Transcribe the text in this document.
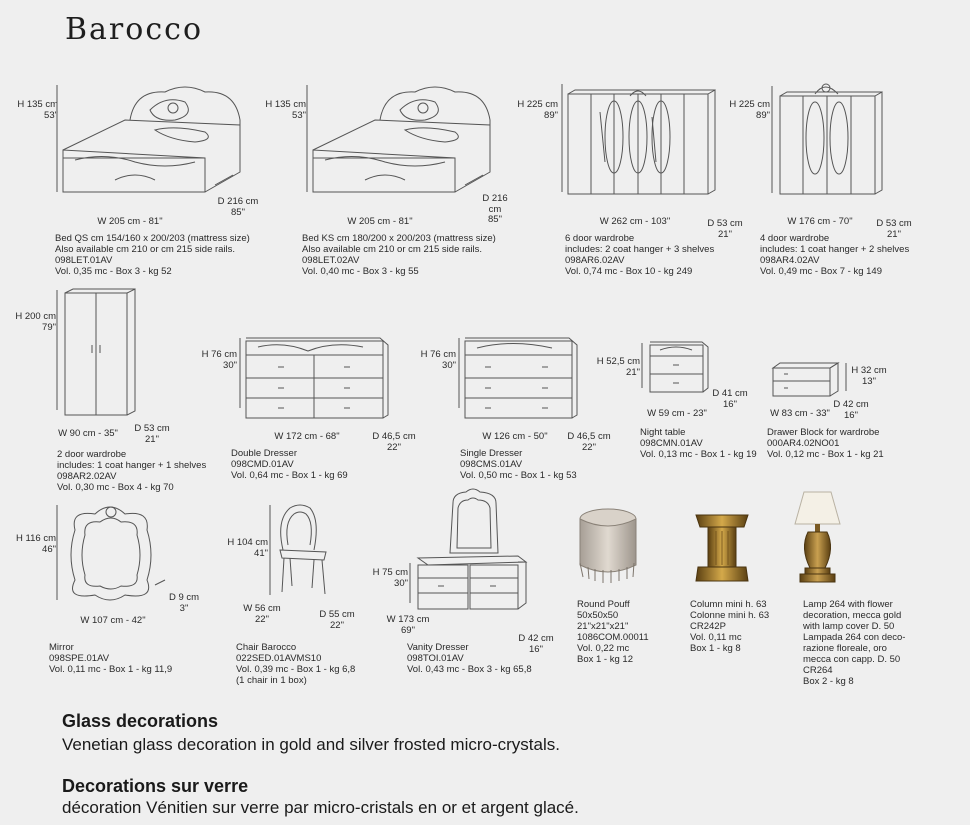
Barocco
H 135 cm
53"
W 205 cm - 81"
D 216 cm
85"
Bed QS cm 154/160 x 200/203 (mattress size)
Also available cm 210 or cm 215 side rails.
098LET.01AV
Vol. 0,35 mc - Box 3 - kg 52
H 135 cm
53"
W 205 cm - 81"
D 216
cm
85"
Bed KS cm 180/200 x 200/203 (mattress size)
Also available cm 210 or cm 215 side rails.
098LET.02AV
Vol. 0,40 mc - Box 3 - kg 55
H 225 cm
89"
W 262 cm - 103"	D 53 cm
21"
6 door wardrobe
includes: 2 coat hanger + 3 shelves
098AR6.02AV
Vol. 0,74 mc - Box 10 - kg 249
H 225 cm
89"
W 176 cm - 70"	D 53 cm
21"
4 door wardrobe
includes: 1 coat hanger + 2 shelves
098AR4.02AV
Vol. 0,49 mc - Box 7 - kg 149
H 200 cm
79"
W 90 cm - 35"	D 53 cm
21"
2 door wardrobe
includes: 1 coat hanger + 1 shelves
098AR2.02AV
Vol. 0,30 mc - Box 4 - kg 70
H 76 cm
30"
W 172 cm - 68"	D 46,5 cm
22"
Double Dresser
098CMD.01AV
Vol. 0,64 mc - Box 1 - kg 69
H 76 cm
30"
W 126 cm - 50"	D 46,5 cm
22"
Single Dresser
098CMS.01AV
Vol. 0,50 mc - Box 1 - kg 53
H 52,5 cm
21"
W 59 cm - 23"
D 41 cm
16"
Night table
098CMN.01AV
Vol. 0,13 mc - Box 1 - kg 19
H 32 cm
13"
W 83 cm - 33"
D 42 cm
16"
Drawer Block for wardrobe
000AR4.02NO01
Vol. 0,12 mc - Box 1 - kg 21
H 116 cm
46"
W 107 cm - 42"
D 9 cm
3"
Mirror
098SPE.01AV
Vol. 0,11 mc - Box 1 - kg 11,9
H 104 cm
41"
W 56 cm
22"	D 55 cm
22"
Chair Barocco
022SED.01AVMS10
Vol. 0,39 mc - Box 1 - kg 6,8
(1 chair in 1 box)
H 75 cm
30"
W 173 cm
69"
D 42 cm
16"
Vanity Dresser
098TOI.01AV
Vol. 0,43 mc - Box 3 - kg 65,8
Round Pouff
50x50x50
21"x21"x21"
1086COM.00011
Vol. 0,22 mc
Box 1 - kg 12
Column mini h. 63
Colonne mini h. 63
CR242P
Vol. 0,11 mc
Box 1 - kg 8
Lamp 264 with flower
decoration, mecca gold
with lamp cover D. 50
Lampada 264 con deco-
razione floreale, oro
mecca con capp. D. 50
CR264
Box 2 - kg 8
Glass decorations
Venetian glass decoration in gold and silver frosted micro-crystals.
Decorations sur verre
décoration Vénitien sur verre par micro-cristals en or et argent glacé.
